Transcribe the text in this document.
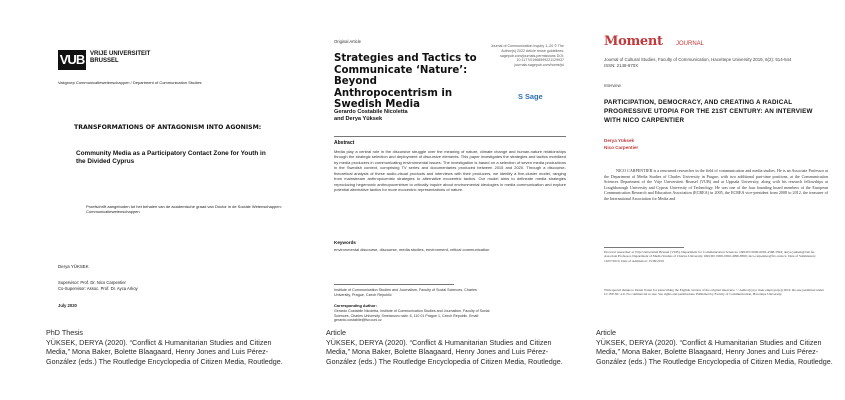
VUB VRIJE UNIVERSITEIT BRUSSEL
Vakgroep Communicatiewetenschappen / Department of Communication Studies
TRANSFORMATIONS OF ANTAGONISM INTO AGONISM:
Community Media as a Participatory Contact Zone for Youth in the Divided Cyprus
Proefschrift aangeboden tot het behalen van de academische graad van Doctor in de Sociale Wetenschappen: Communicatiewetenschappen
Derya YÜKSEK
Supervisor: Prof. Dr. Nico Carpentier
Co-Supervisor: Assoc. Prof. Dr. Ayca Arkoy
July 2020
PhD Thesis
YÜKSEK, DERYA (2020). “Conflict & Humanitarian Studies and Citizen Media,” Mona Baker, Bolette Blaagaard, Henry Jones and Luis Pérez-González (eds.) The Routledge Encyclopedia of Citizen Media, Routledge.
Original Article
Journal of Communication Inquiry 1–20 © The Author(s) 2022 Article reuse guidelines: sagepub.com/journals-permissions DOI: 10.1177/01968599221129937 journals.sagepub.com/home/jci
Strategies and Tactics to Communicate ‘Nature’: Beyond Anthropocentrism in Swedish Media
S Sage
Gerardo Costabile Nicoletta
and Derya Yüksek
Abstract
Media play a central role in the discursive struggle over the meaning of nature, climate change and human-nature relationships through the strategic selection and deployment of discursive elements. This paper investigates the strategies and tactics mobilized by media producers in communicating environmental issues. The investigation is based on a selection of seven media productions in the Swedish context, comprising TV series and documentaries produced between 2015 and 2020. Through a discourse-theoretical analysis of these audio-visual products and interviews with their producers, we identify a five-cluster model, ranging from mainstream anthropocentric strategies to alternative ecocentric tactics. Our model aims to delineate media strategies reproducing hegemonic anthropocentrism to critically inquire about environmental ideologies in media communication and explore potential alternative tactics for more ecocentric representations of nature.
Keywords
environmental discourse, discourse, media studies, environment, critical communication
Institute of Communication Studies and Journalism, Faculty of Social Sciences, Charles University, Prague, Czech Republic
Corresponding Author:
Gerardo Costabile Nicoletta, Institute of Communication Studies and Journalism, Faculty of Social Sciences, Charles University, Smetanovo nabr. 6, 110 01 Prague 1, Czech Republic. Email: gerardo.costabile@fsv.cuni.cz
Article
YÜKSEK, DERYA (2020). “Conflict & Humanitarian Studies and Citizen Media,” Mona Baker, Bolette Blaagaard, Henry Jones and Luis Pérez-González (eds.) The Routledge Encyclopedia of Citizen Media, Routledge.
Moment JOURNAL
Journal of Cultural Studies, Faculty of Communication, Hacettepe University 2019, 6(2): 514-544 ISSN: 2148-970X
Interview
PARTICIPATION, DEMOCRACY, AND CREATING A RADICAL PROGRESSIVE UTOPIA FOR THE 21ST CENTURY: AN INTERVIEW WITH NICO CARPENTIER
Derya Yüksek
Nico Carpentier
NICO CARPENTIER is a renowned researcher in the field of communication and media studies. He is an Associate Professor at the Department of Media Studies of Charles University in Prague, with two additional part-time positions, at the Communication Sciences Department of the Vrije Universiteit Brussel (VUB) and at Uppsala University, along with his research fellowships at Loughborough University and Cyprus University of Technology. He was one of the four founding board members of the European Communication Research and Education Association (ECREA) in 2005, the ECREA vice-president from 2008 to 2012, the treasurer of the International Association for Media and
Doctoral researcher at Vrije Universiteit Brussel (VUB), Department for Communication Sciences. ORCID: 0000-0002-4568-3594; derya.yuksek@vub.be. Associate Professor, Department of Media Studies of Charles University. ORCID: 0000-0002-4996-8656; nico.carpentier@fsv.cuni.cz. Date of Submission: 10/07/2019. Date of Admission: 15/09/2019
With special thanks to Deniz Tosun for transcribing the English version of the original interview. © Author(s) (or their employer(s)) 2019. Re-use permitted under CC BY-NC 4.0. No commercial re-use. See rights and permissions. Published by Faculty of Communication, Hacettepe University.
Article
YÜKSEK, DERYA (2020). “Conflict & Humanitarian Studies and Citizen Media,” Mona Baker, Bolette Blaagaard, Henry Jones and Luis Pérez-González (eds.) The Routledge Encyclopedia of Citizen Media, Routledge.
